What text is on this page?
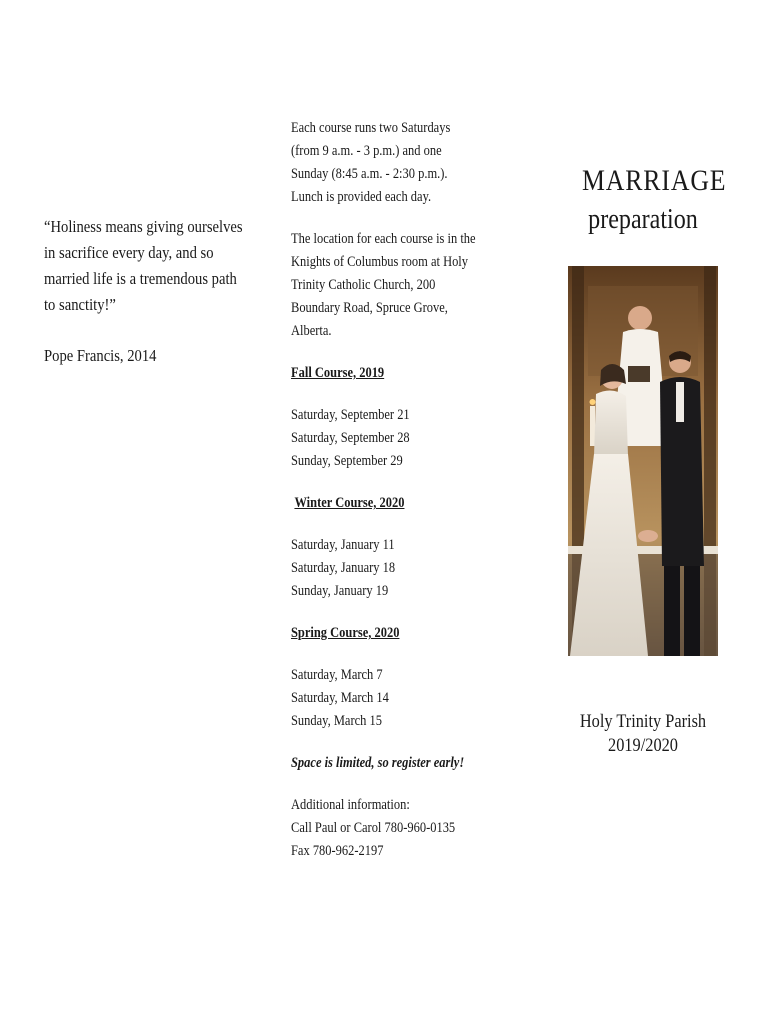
“Holiness means giving ourselves in sacrifice every day, and so married life is a tremendous path to sanctity!”
Pope Francis, 2014

Each course runs two Saturdays (from 9 a.m. - 3 p.m.) and one Sunday (8:45 a.m. - 2:30 p.m.). Lunch is provided each day.

The location for each course is in the Knights of Columbus room at Holy Trinity Catholic Church, 200 Boundary Road, Spruce Grove, Alberta.

Fall Course, 2019

Saturday, September 21

Saturday, September 28

Sunday, September 29

Winter Course, 2020

Saturday, January 11

Saturday, January 18

Sunday, January 19

Spring Course, 2020

Saturday, March 7

Saturday, March 14

Sunday, March 15

Space is limited, so register early!

Additional information:

Call Paul or Carol 780-960-0135

Fax 780-962-2197

MARRIAGE
preparation
Holy Trinity Parish
2019/2020
